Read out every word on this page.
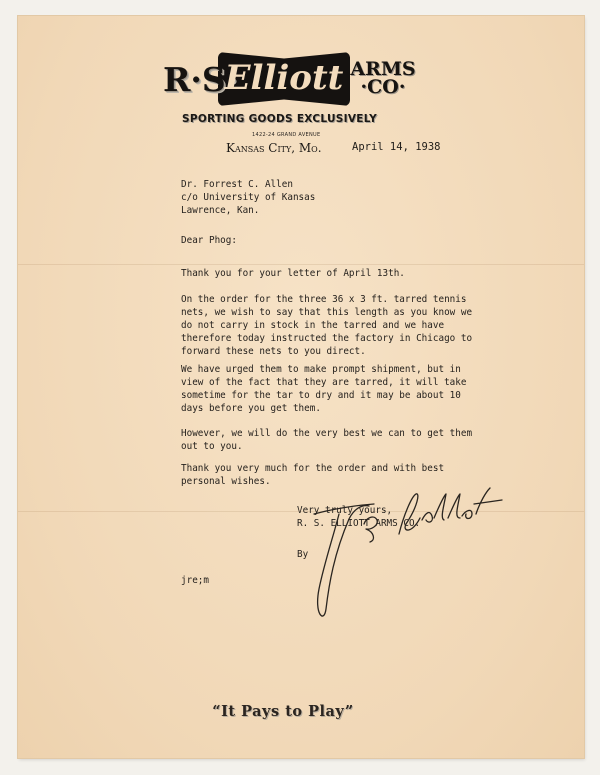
R·S·
Elliott ARMS
·CO·
SPORTING GOODS EXCLUSIVELY
1422-24 GRAND AVENUE
Kansas City, Mo.	April 14, 1938
Dr. Forrest C. Allen
c/o University of Kansas
Lawrence, Kan.
Dear Phog:
Thank you for your letter of April 13th.
On the order for the three 36 x 3 ft. tarred tennis nets, we wish to say that this length as you know we do not carry in stock in the tarred and we have therefore today instructed the factory in Chicago to forward these nets to you direct.
We have urged them to make prompt shipment, but in view of the fact that they are tarred, it will take sometime for the tar to dry and it may be about 10 days before you get them.
However, we will do the very best we can to get them out to you.
Thank you very much for the order and with best personal wishes.
Very truly yours,
R. S. ELLIOTT ARMS CO.
By
jre;m
“It Pays to Play”
